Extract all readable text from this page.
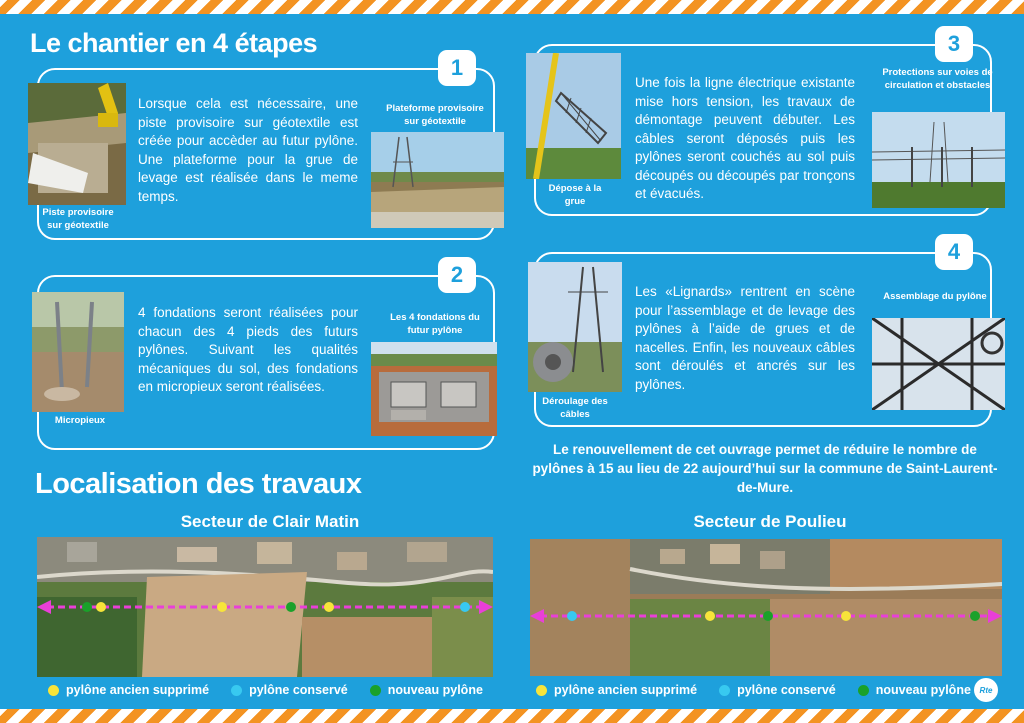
Le chantier en 4 étapes
1
Piste provisoire sur géotextile
Lorsque cela est nécessaire, une piste provisoire sur géotextile est créée pour accèder au futur pylône. Une plateforme pour la grue de levage est réalisée dans le meme temps.
Plateforme provisoire sur géotextile
2
Micropieux
4 fondations seront réalisées pour chacun des 4 pieds des futurs pylônes. Suivant les qualités mécaniques du sol, des fondations en micropieux seront réalisées.
Les 4 fondations du futur pylône
3
Dépose à la grue
Une fois la ligne électrique existante mise hors tension, les travaux de démontage peuvent débuter. Les câbles seront déposés puis les pylônes seront couchés au sol puis découpés ou découpés par tronçons et évacués.
Protections sur voies de circulation et obstacles
4
Déroulage des câbles
Les «Lignards» rentrent en scène pour l’assemblage et de levage des pylônes à l’aide de grues et de nacelles. Enfin, les nouveaux câbles sont déroulés et ancrés sur les pylônes.
Assemblage du pylône
Le renouvellement de cet ouvrage permet de réduire le nombre de pylônes à 15 au lieu de 22 aujourd’hui sur la commune de Saint-Laurent-de-Mure.
Localisation des travaux
Secteur de Clair Matin	Secteur de Poulieu
pylône ancien supprimé	pylône conservé	nouveau pylône	pylône ancien supprimé	pylône conservé	nouveau pylône	Rte
